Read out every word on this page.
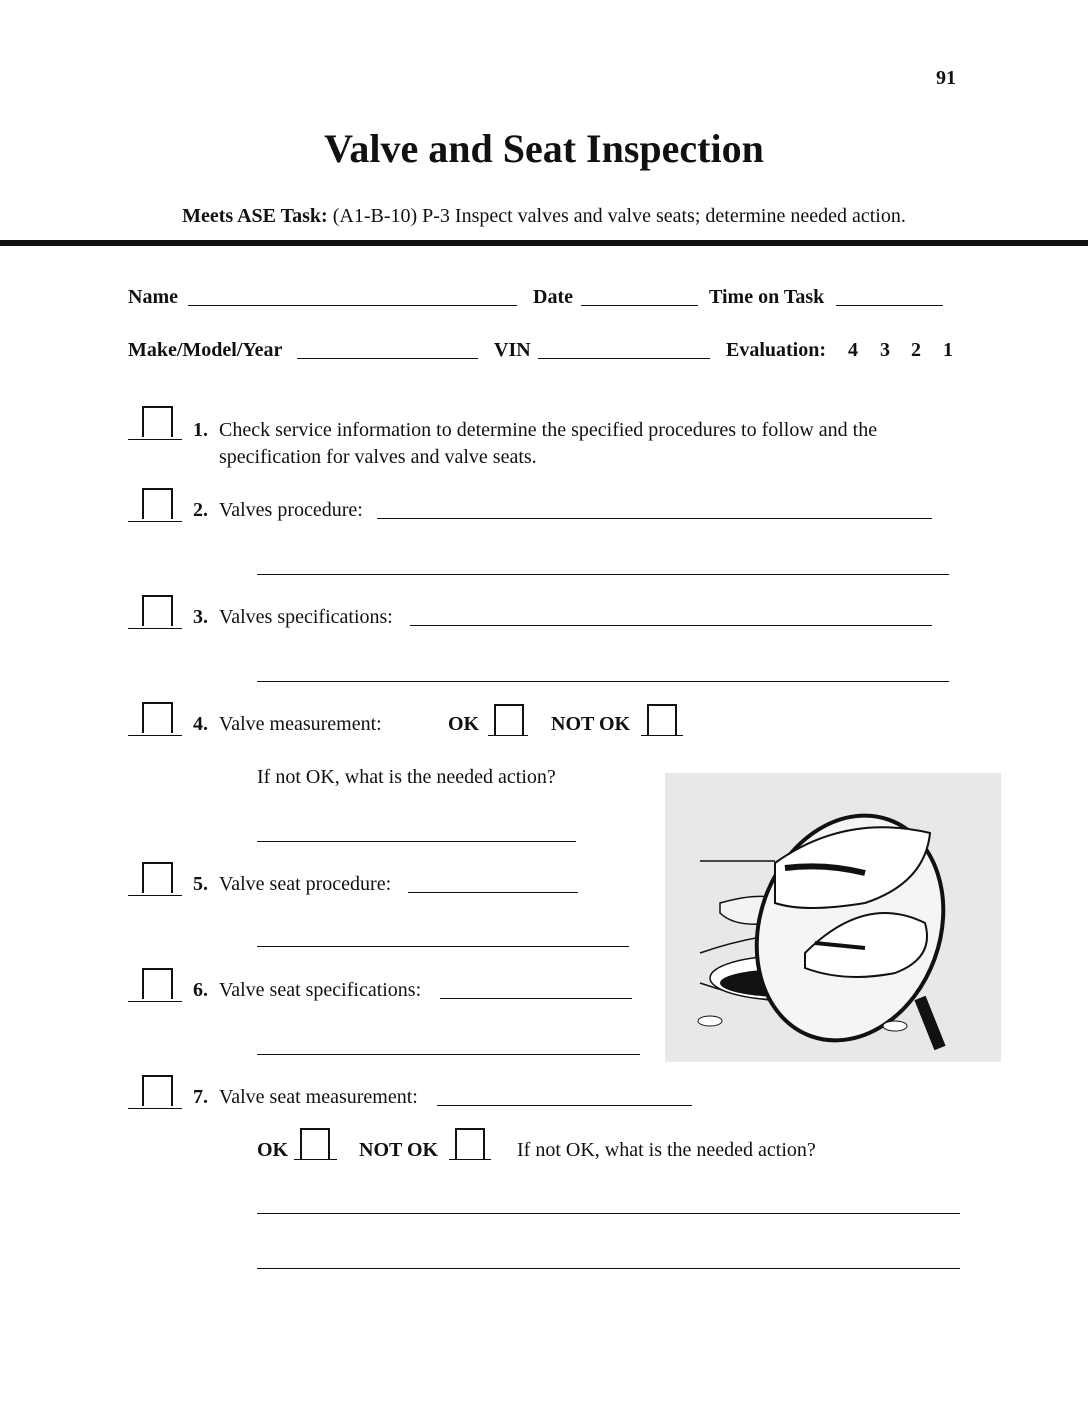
91
Valve and Seat Inspection
Meets ASE Task: (A1-B-10) P-3 Inspect valves and valve seats; determine needed action.
Name	Date	Time on Task
Make/Model/Year	VIN	Evaluation: 4 3 2 1
1. Check service information to determine the specified procedures to follow and the
specification for valves and valve seats.
2. Valves procedure:
3. Valves specifications:
4. Valve measurement:	OK	NOT OK
If not OK, what is the needed action?
5. Valve seat procedure:
6. Valve seat specifications:
7. Valve seat measurement:
OK	NOT OK	If not OK, what is the needed action?
